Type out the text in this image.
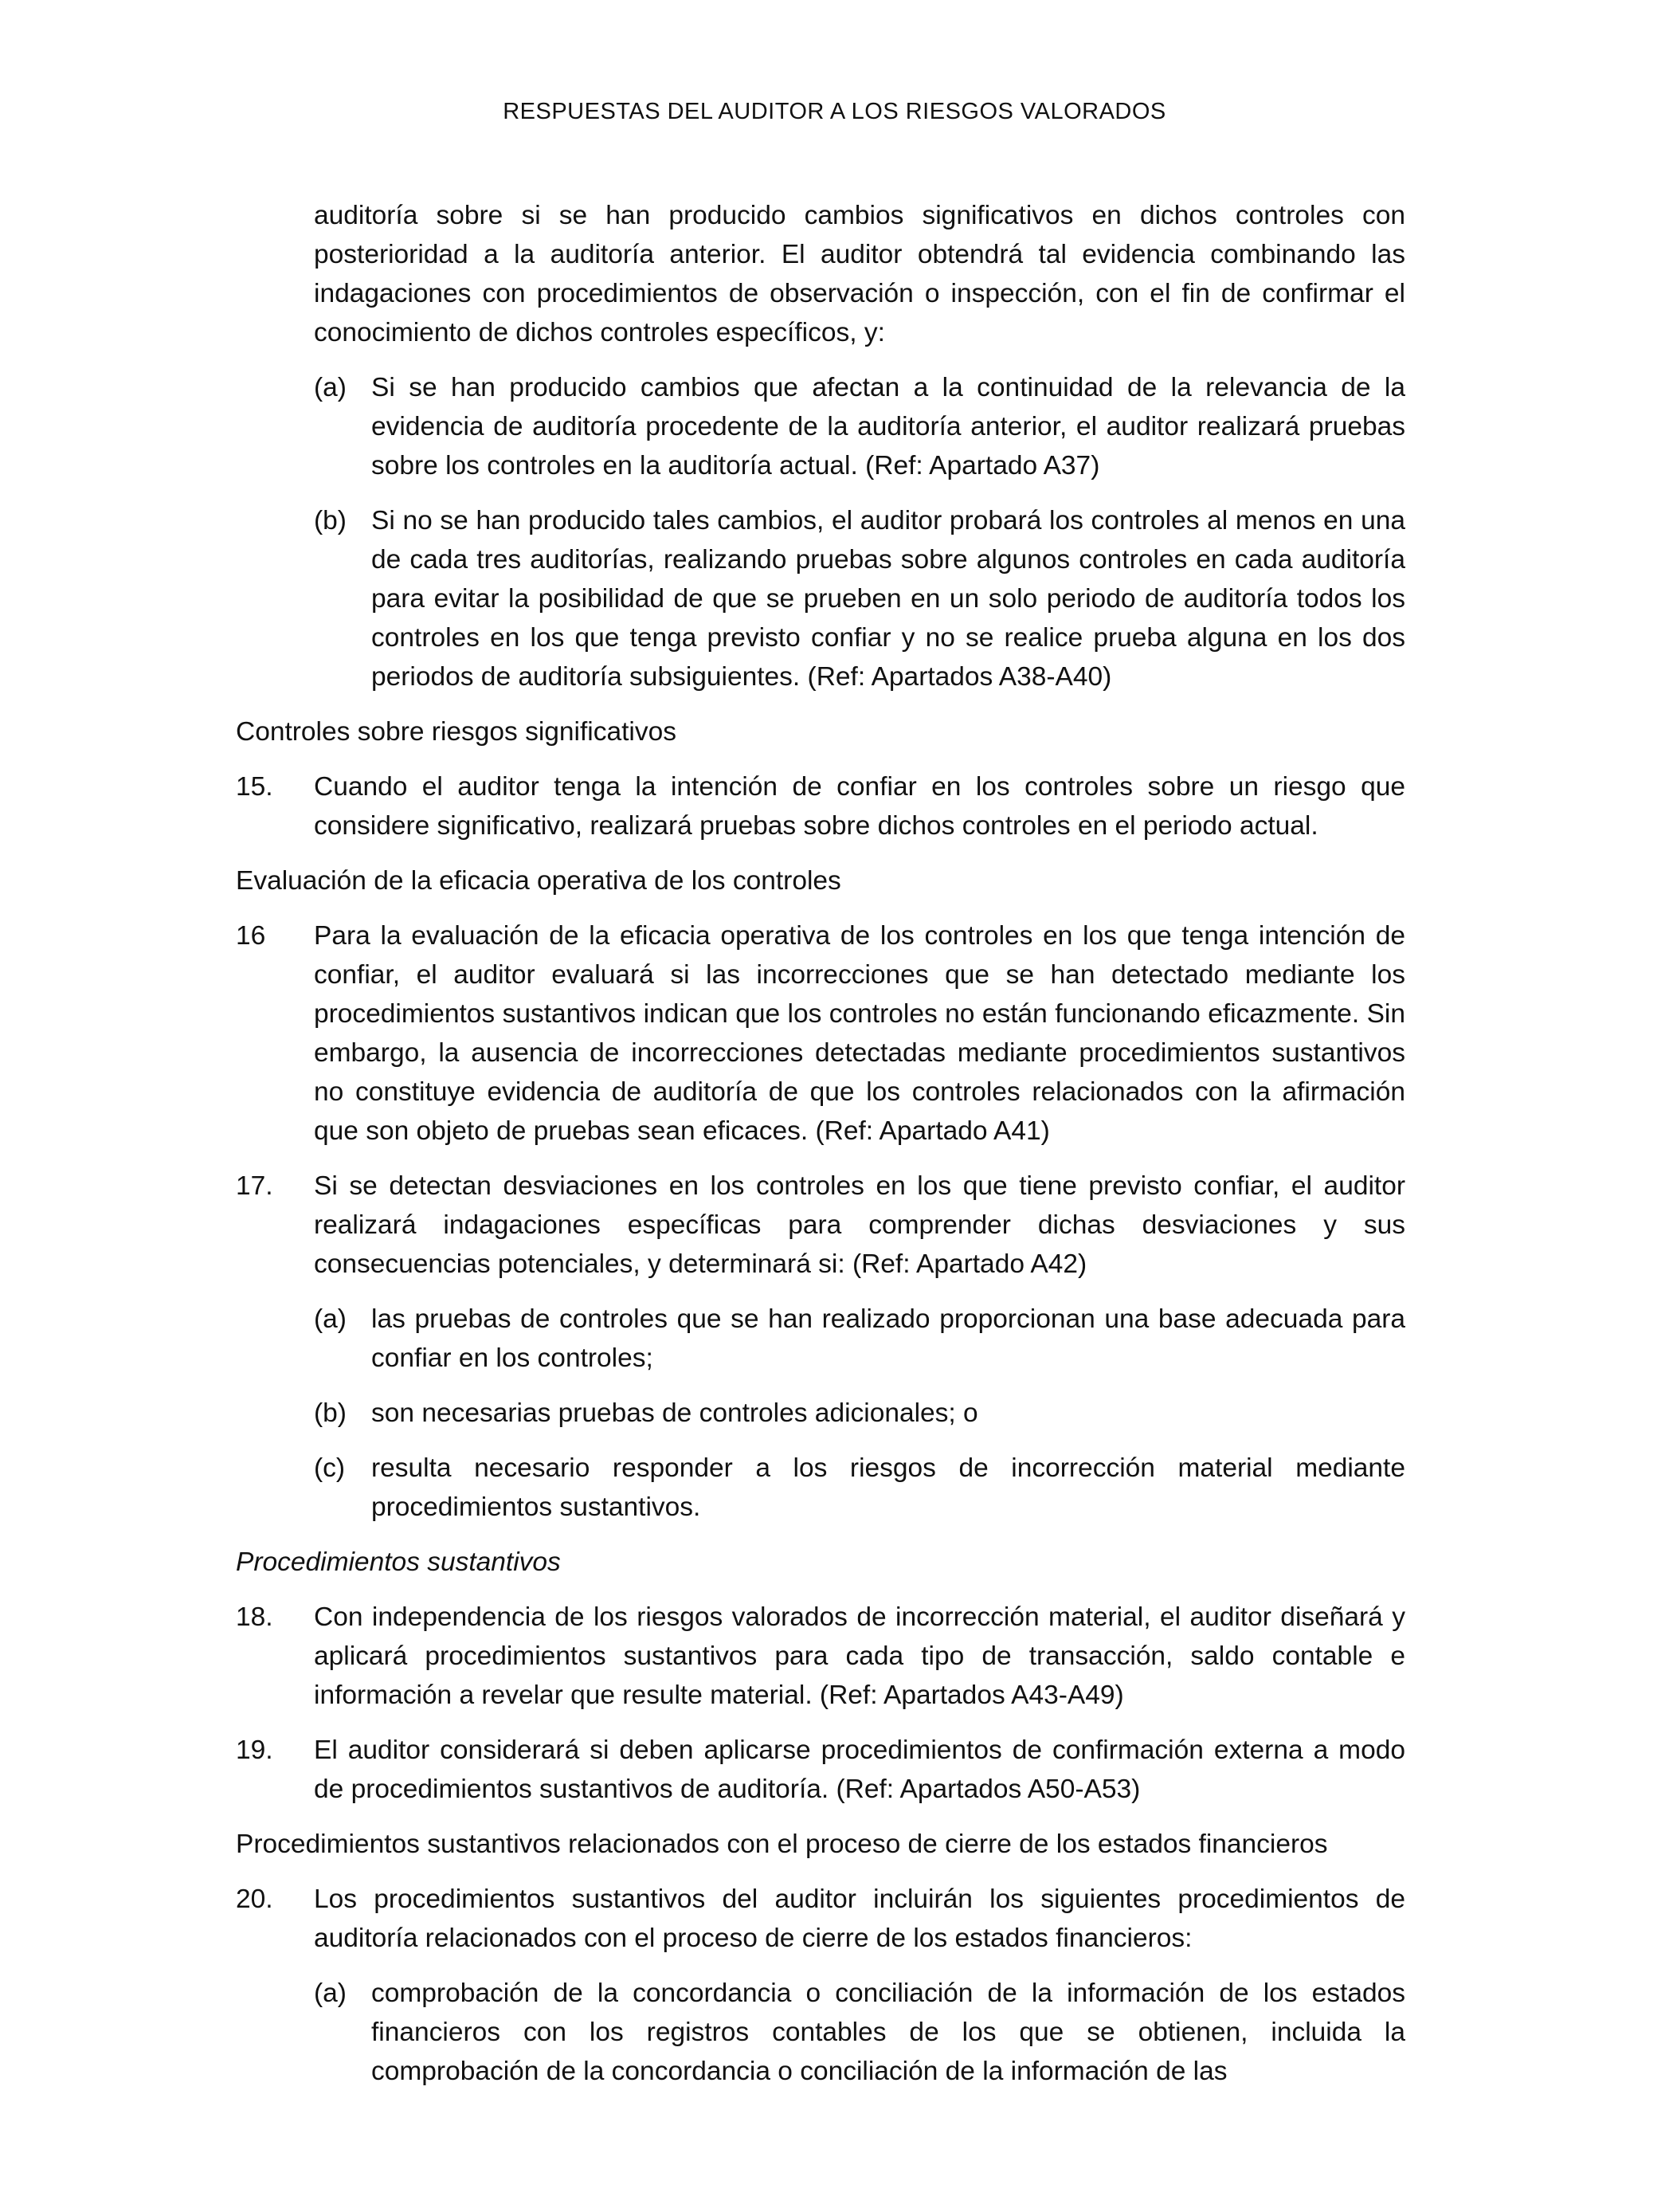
RESPUESTAS DEL AUDITOR A LOS RIESGOS VALORADOS

auditoría sobre si se han producido cambios significativos en dichos controles con posterioridad a la auditoría anterior. El auditor obtendrá tal evidencia combinando las indagaciones con procedimientos de observación o inspección, con el fin de confirmar el conocimiento de dichos controles específicos, y:

(a) Si se han producido cambios que afectan a la continuidad de la relevancia de la evidencia de auditoría procedente de la auditoría anterior, el auditor realizará pruebas sobre los controles en la auditoría actual. (Ref: Apartado A37)
(b) Si no se han producido tales cambios, el auditor probará los controles al menos en una de cada tres auditorías, realizando pruebas sobre algunos controles en cada auditoría para evitar la posibilidad de que se prueben en un solo periodo de auditoría todos los controles en los que tenga previsto confiar y no se realice prueba alguna en los dos periodos de auditoría subsiguientes. (Ref: Apartados A38-A40)
Controles sobre riesgos significativos
15.	Cuando el auditor tenga la intención de confiar en los controles sobre un riesgo que considere significativo, realizará pruebas sobre dichos controles en el periodo actual.
Evaluación de la eficacia operativa de los controles
16	Para la evaluación de la eficacia operativa de los controles en los que tenga intención de confiar, el auditor evaluará si las incorrecciones que se han detectado mediante los procedimientos sustantivos indican que los controles no están funcionando eficazmente. Sin embargo, la ausencia de incorrecciones detectadas mediante procedimientos sustantivos no constituye evidencia de auditoría de que los controles relacionados con la afirmación que son objeto de pruebas sean eficaces. (Ref: Apartado A41)
17.	Si se detectan desviaciones en los controles en los que tiene previsto confiar, el auditor realizará indagaciones específicas para comprender dichas desviaciones y sus consecuencias potenciales, y determinará si: (Ref: Apartado A42)
(a) las pruebas de controles que se han realizado proporcionan una base adecuada para confiar en los controles;
(b) son necesarias pruebas de controles adicionales; o
(c) resulta necesario responder a los riesgos de incorrección material mediante procedimientos sustantivos.
Procedimientos sustantivos
18.	Con independencia de los riesgos valorados de incorrección material, el auditor diseñará y aplicará procedimientos sustantivos para cada tipo de transacción, saldo contable e información a revelar que resulte material. (Ref: Apartados A43-A49)
19.	El auditor considerará si deben aplicarse procedimientos de confirmación externa a modo de procedimientos sustantivos de auditoría. (Ref: Apartados A50-A53)
Procedimientos sustantivos relacionados con el proceso de cierre de los estados financieros
20.	Los procedimientos sustantivos del auditor incluirán los siguientes procedimientos de auditoría relacionados con el proceso de cierre de los estados financieros:
(a) comprobación de la concordancia o conciliación de la información de los estados financieros con los registros contables de los que se obtienen, incluida la comprobación de la concordancia o conciliación de la información de las
